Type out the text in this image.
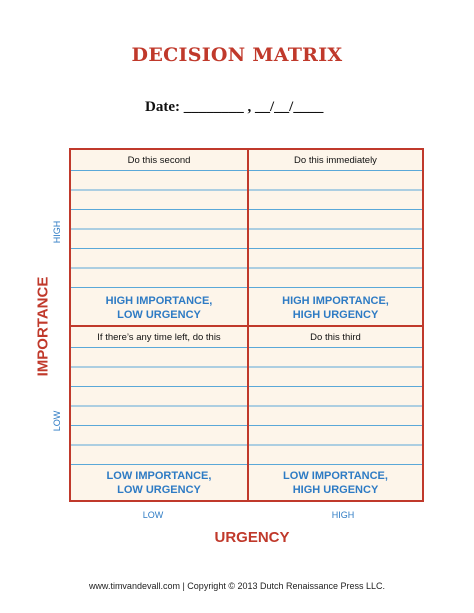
DECISION MATRIX
Date: ________ , __/__/____
IMPORTANCE
HIGH
LOW
Do this second
HIGH IMPORTANCE,
LOW URGENCY
Do this immediately
HIGH IMPORTANCE,
HIGH URGENCY
If there’s any time left, do this
LOW IMPORTANCE,
LOW URGENCY
Do this third
LOW IMPORTANCE,
HIGH URGENCY
LOW	HIGH
URGENCY
www.timvandevall.com | Copyright © 2013 Dutch Renaissance Press LLC.
